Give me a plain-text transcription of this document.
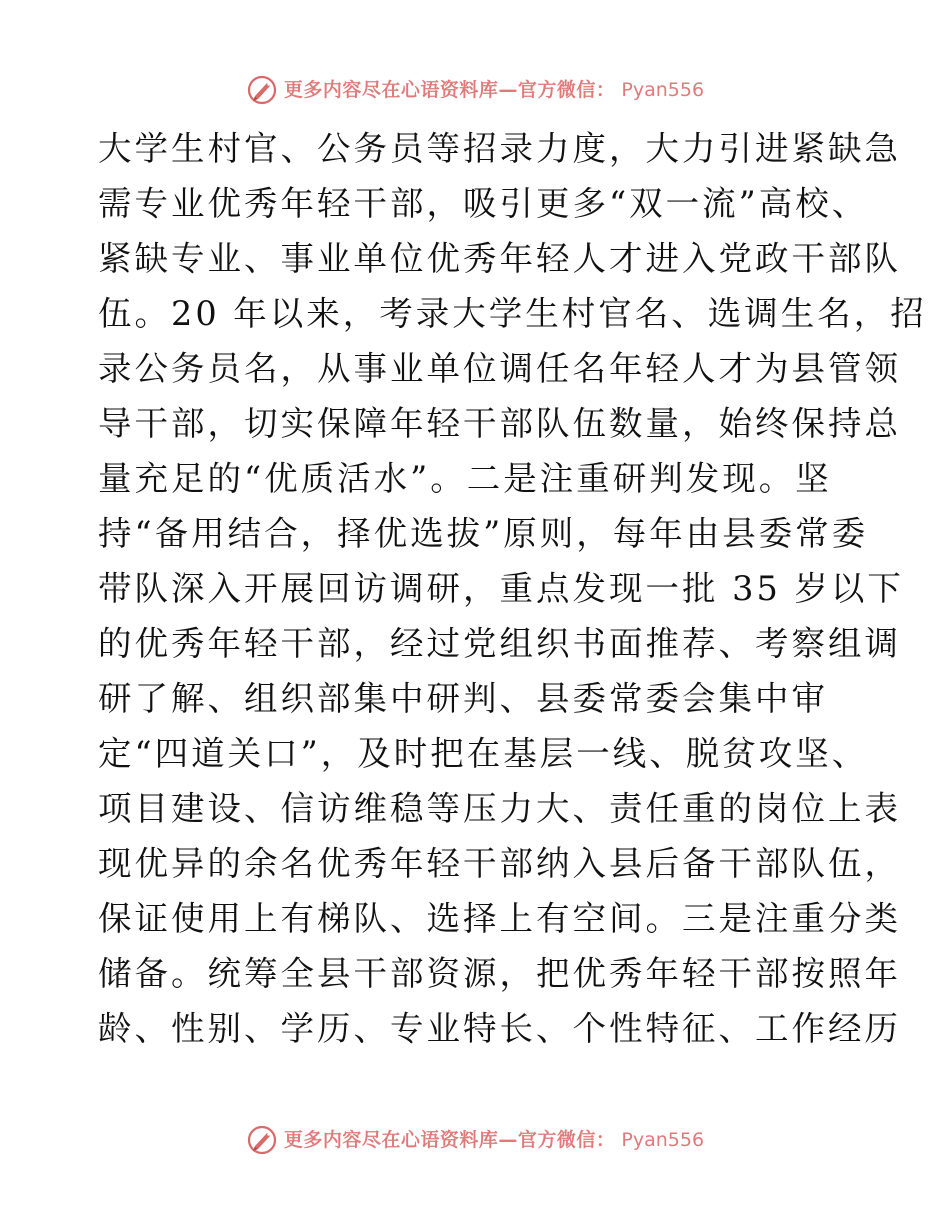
更多内容尽在心语资料库—官方微信： Pyan556
大学生村官、公务员等招录力度，大力引进紧缺急
需专业优秀年轻干部，吸引更多“双一流”高校、
紧缺专业、事业单位优秀年轻人才进入党政干部队
伍。20 年以来，考录大学生村官名、选调生名，招
录公务员名，从事业单位调任名年轻人才为县管领
导干部，切实保障年轻干部队伍数量，始终保持总
量充足的“优质活水”。二是注重研判发现。坚
持“备用结合，择优选拔”原则，每年由县委常委
带队深入开展回访调研，重点发现一批 35 岁以下
的优秀年轻干部，经过党组织书面推荐、考察组调
研了解、组织部集中研判、县委常委会集中审
定“四道关口”，及时把在基层一线、脱贫攻坚、
项目建设、信访维稳等压力大、责任重的岗位上表
现优异的余名优秀年轻干部纳入县后备干部队伍，
保证使用上有梯队、选择上有空间。三是注重分类
储备。统筹全县干部资源，把优秀年轻干部按照年
龄、性别、学历、专业特长、个性特征、工作经历
更多内容尽在心语资料库—官方微信： Pyan556
